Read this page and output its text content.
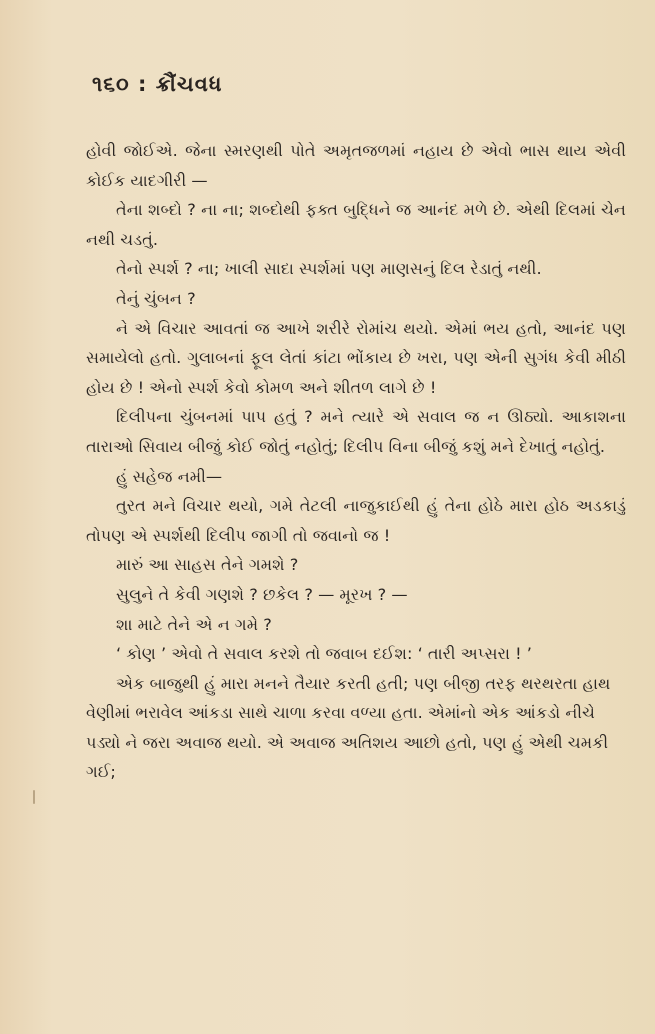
૧૬૦ : ક્રૌંચવધ

હોવી જોઈએ. જેના સ્મરણથી પોતે અમૃતજળમાં નહાય છે એવો ભાસ થાય એવી કોઈક યાદગીરી —

તેના શબ્દો ? ના ના; શબ્દોથી ફક્ત બુદ્ધિને જ આનંદ મળે છે. એથી દિલમાં ચેન નથી ચડતું.

તેનો સ્પર્શ ? ના; ખાલી સાદા સ્પર્શમાં પણ માણસનું દિલ રેડાતું નથી.

તેનું ચુંબન ?

ને એ વિચાર આવતાં જ આખે શરીરે રોમાંચ થયો. એમાં ભય હતો, આનંદ પણ સમાયેલો હતો. ગુલાબનાં ફૂલ લેતાં કાંટા ભોંકાય છે ખરા, પણ એની સુગંધ કેવી મીઠી હોય છે ! એનો સ્પર્શ કેવો કોમળ અને શીતળ લાગે છે !

દિલીપના ચુંબનમાં પાપ હતું ? મને ત્યારે એ સવાલ જ ન ઊઠ્યો. આકાશના તારાઓ સિવાય બીજું કોઈ જોતું નહોતું; દિલીપ વિના બીજું કશું મને દેખાતું નહોતું.

હું સહેજ નમી—

તુરત મને વિચાર થયો, ગમે તેટલી નાજુકાઈથી હું તેના હોઠે મારા હોઠ અડકાડું તોપણ એ સ્પર્શથી દિલીપ જાગી તો જવાનો જ !

મારું આ સાહસ તેને ગમશે ?

સુલુને તે કેવી ગણશે ? છકેલ ? — મૂરખ ? —

શા માટે તેને એ ન ગમે ?

‘ કોણ ’ એવો તે સવાલ કરશે તો જવાબ દઈશ: ‘ તારી અપ્સરા ! ’

એક બાજુથી હું મારા મનને તૈયાર કરતી હતી; પણ બીજી તરફ થરથરતા હાથ વેણીમાં ભરાવેલ આંકડા સાથે ચાળા કરવા વળ્યા હતા. એમાંનો એક આંકડો નીચે પડ્યો ને જરા અવાજ થયો. એ અવાજ અતિશય આછો હતો, પણ હું એથી ચમકી ગઈ;
